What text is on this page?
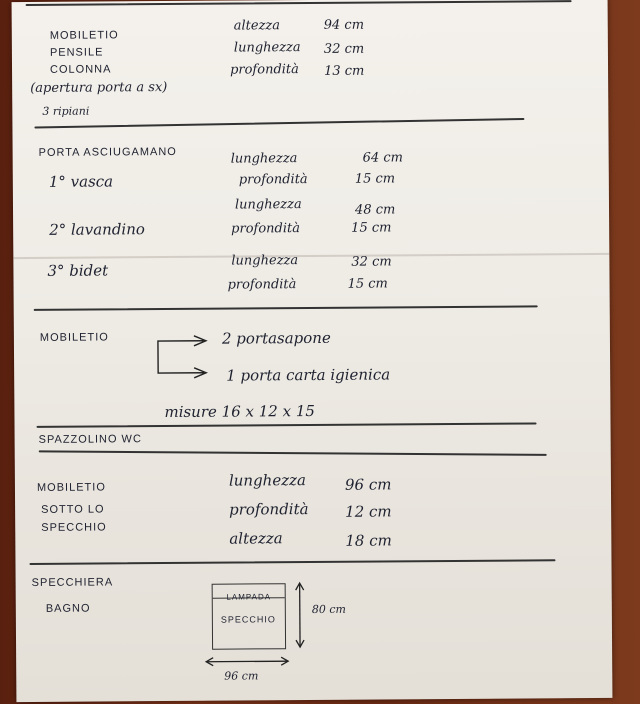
MOBILETIO
PENSILE
COLONNA
(apertura porta a sx)
3 ripiani
altezza	94 cm
lunghezza 32 cm
profondità 13 cm
PORTA ASCIUGAMANO
1° vasca
lunghezza	64 cm
profondità	15 cm
2° lavandino
lunghezza	48 cm
profondità	15 cm
3° bidet
lunghezza	32 cm
profondità	15 cm
MOBILETIO	2 portasapone
1 porta carta igienica
misure 16 x 12 x 15
SPAZZOLINO WC
MOBILETIO
SOTTO LO
SPECCHIO
lunghezza	96 cm
profondità 12 cm
altezza	18 cm
SPECCHIERA
BAGNO
LAMPADA
SPECCHIO
80 cm
96 cm
